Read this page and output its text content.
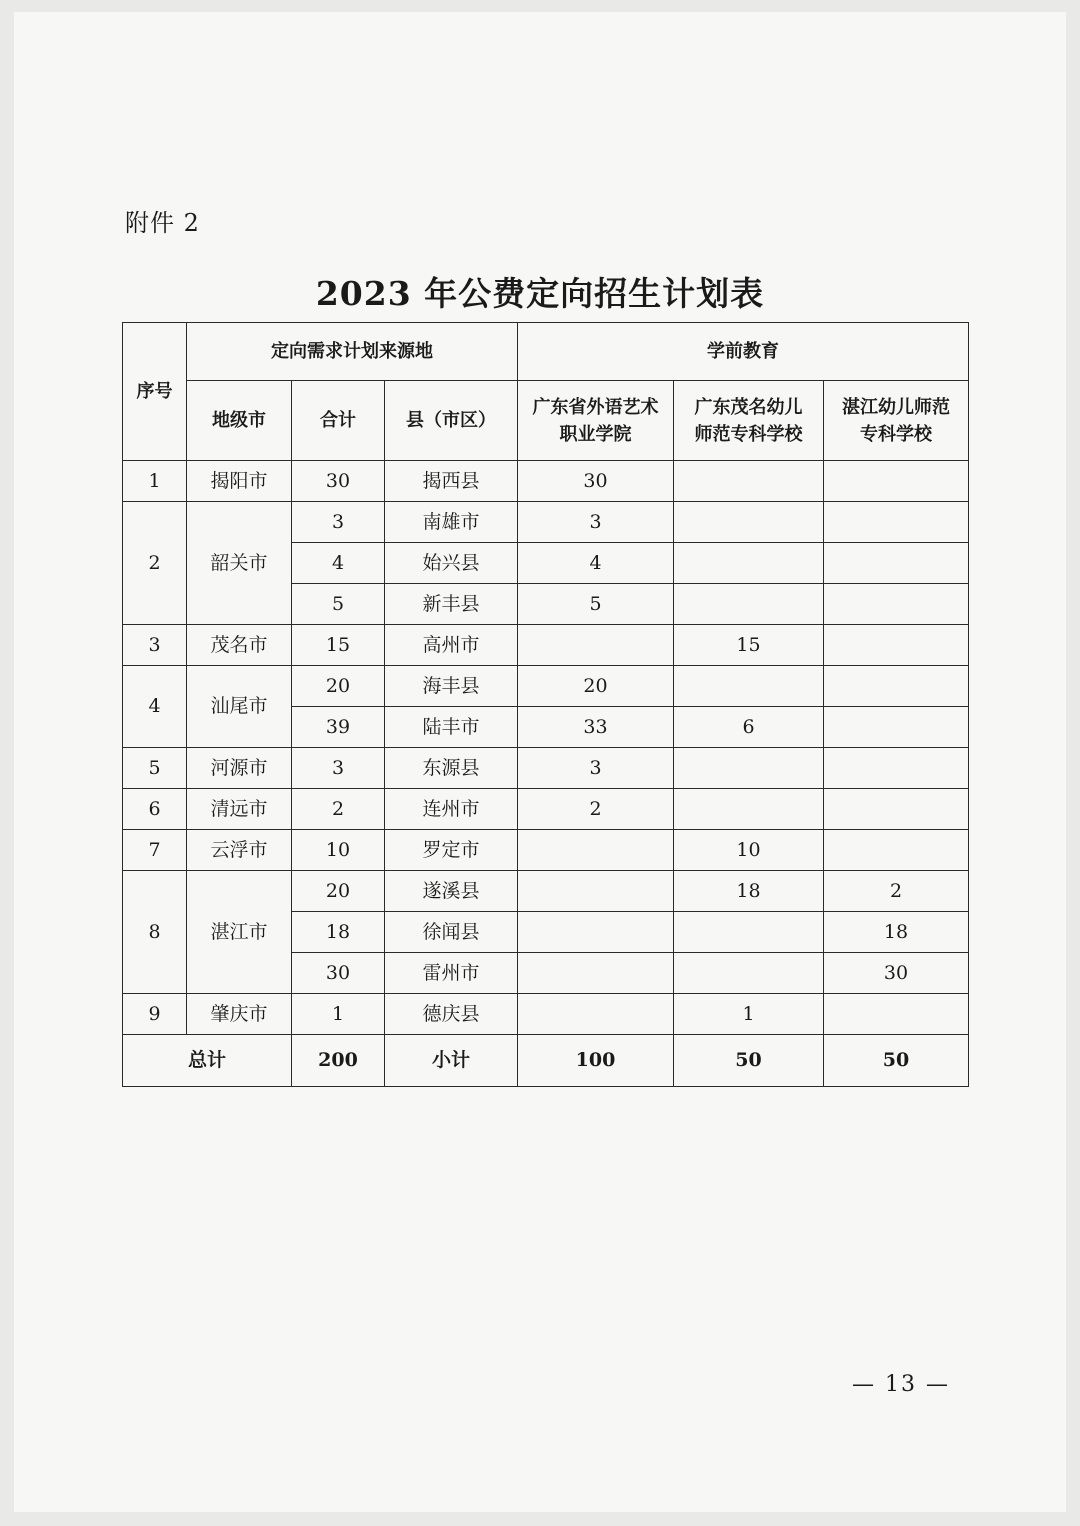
附件 2
2023 年公费定向招生计划表
序号	定向需求计划来源地			学前教育		
	地级市	合计	县（市区）	广东省外语艺术职业学院	广东茂名幼儿师范专科学校	湛江幼儿师范专科学校
1	揭阳市	30	揭西县	30		
2	韶关市	3	南雄市	3		
		4	始兴县	4		
		5	新丰县	5		
3	茂名市	15	高州市		15	
4	汕尾市	20	海丰县	20		
		39	陆丰市	33	6	
5	河源市	3	东源县	3		
6	清远市	2	连州市	2		
7	云浮市	10	罗定市		10	
8	湛江市	20	遂溪县		18	2
		18	徐闻县			18
		30	雷州市			30
9	肇庆市	1	德庆县		1	
总计		200	小计	100	50	50
— 13 —
